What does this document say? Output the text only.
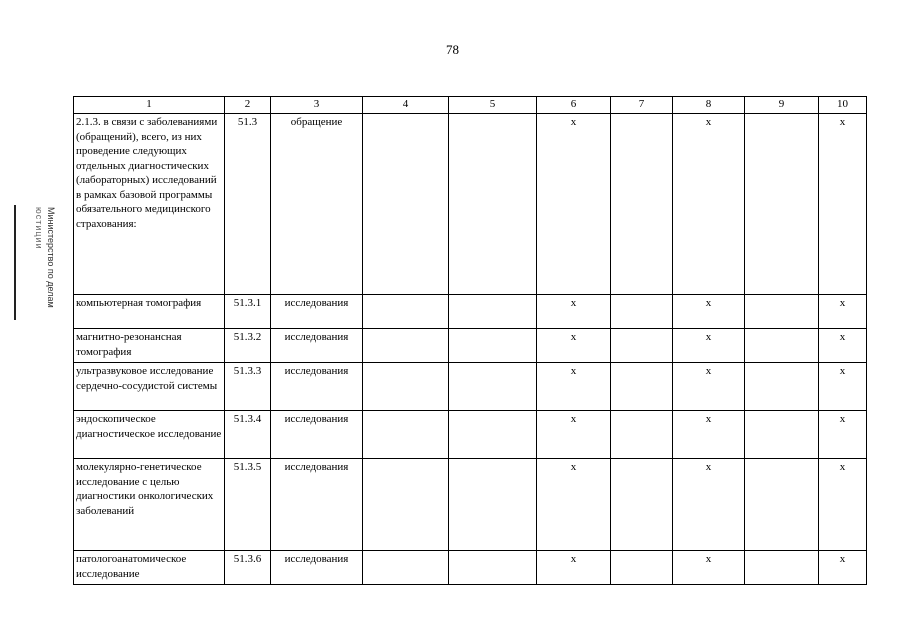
78
Министерство по делам
юстиции
1	2	3	4	5	6	7	8	9	10
2.1.3. в связи с заболеваниями (обращений), всего, из них проведение следующих отдельных диагностических (лабораторных) исследований в рамках базовой программы обязательного медицинского страхования:	51.3	обращение			х		х		х
компьютерная томография	51.3.1	исследования			х		х		х
магнитно-резонансная томография	51.3.2	исследования			х		х		х
ультразвуковое исследование сердечно-сосудистой системы	51.3.3	исследования			х		х		х
эндоскопическое диагностическое исследование	51.3.4	исследования			х		х		х
молекулярно-генетическое исследование с целью диагностики онкологических заболеваний	51.3.5	исследования			х		х		х
патологоанатомическое исследование	51.3.6	исследования			х		х		х
